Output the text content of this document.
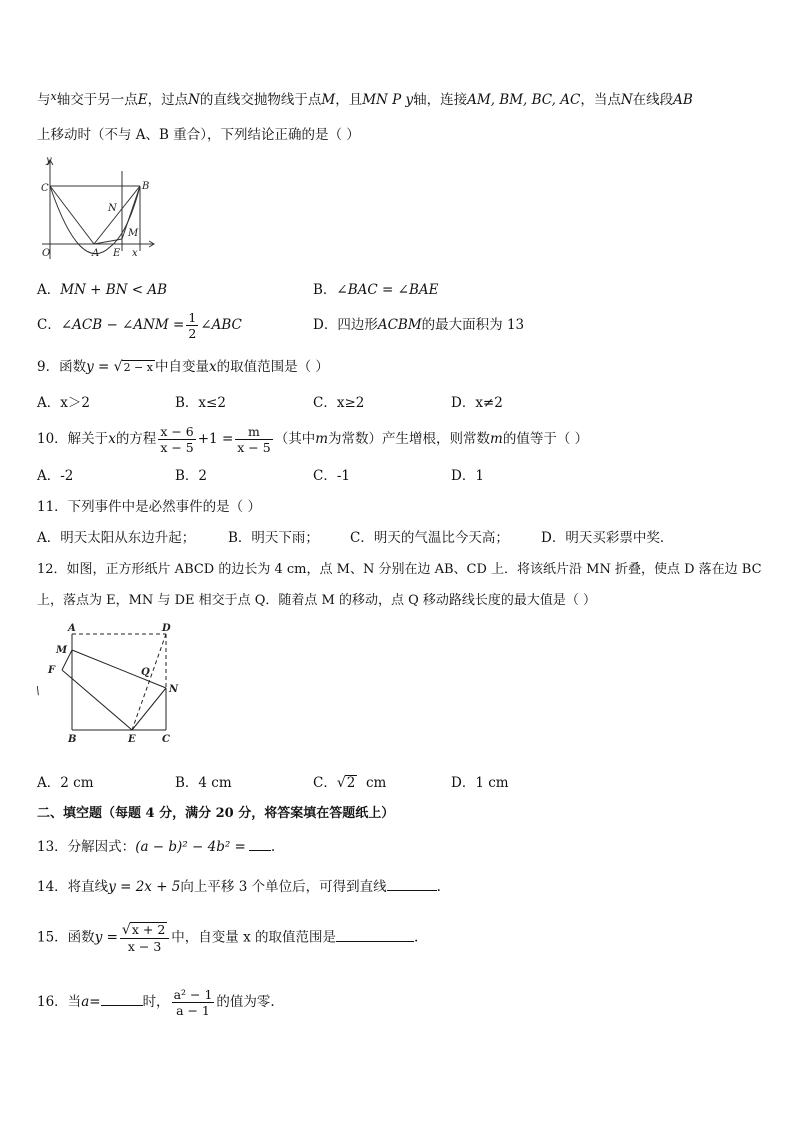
与$^x$轴交于另一点E，过点N的直线交抛物线于点M，且MN P y轴，连接AM, BM, BC, AC，当点N在线段AB
上移动时（不与 A、B 重合），下列结论正确的是（ ）
y
C	B
N
M
O	A E x
A．MN + BN < AB	B．∠BAC = ∠BAE
C．∠ACB − ∠ANM = $\frac{1}{2}$ ∠ABC	D．四边形ACBM的最大面积为 13
9．函数y = √2 − x 中自变量x的取值范围是（ ）
A．x＞2	B．x≤2	C．x≥2	D．x≠2
10．解关于x的方程 $\frac{x - 6}{x - 5} +1 = \frac{m}{x - 5}$ （其中m为常数）产生增根，则常数m的值等于（ ）
A．-2	B．2	C．-1	D．1
11．下列事件中是必然事件的是（ ）
A．明天太阳从东边升起； B．明天下雨； C．明天的气温比今天高； D．明天买彩票中奖．
12．如图，正方形纸片 ABCD 的边长为 4 cm，点 M、N 分别在边 AB、CD 上．将该纸片沿 MN 折叠，使点 D 落在边 BC
上，落点为 E，MN 与 DE 相交于点 Q．随着点 M 的移动，点 Q 移动路线长度的最大值是（ ）
A	D
M
F	Q
N
B	E	C
\
A．2 cm	B．4 cm	C．√2 cm	D．1 cm
二、填空题（每题 4 分，满分 20 分，将答案填在答题纸上）
13．分解因式：(a − b)² − 4b² = .
14．将直线y = 2x + 5向上平移 3 个单位后，可得到直线	.
15．函数$y = \frac{√x + 2}{x - 3}$ 中，自变量 x 的取值范围是	.
16．当a=	时， $\frac{\text{a² − 1}}{a - 1}$ 的值为零.
